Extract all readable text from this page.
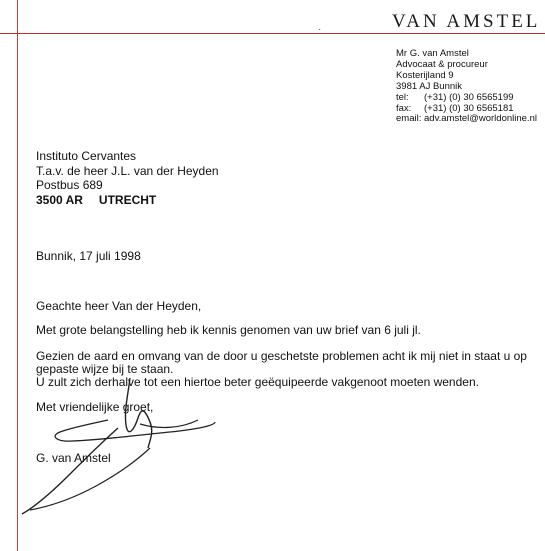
VAN AMSTEL
·
Mr G. van Amstel
Advocaat & procureur
Kosterijland 9
3981 AJ Bunnik
tel:	(+31) (0) 30 6565199
fax:	(+31) (0) 30 6565181
email: adv.amstel@worldonline.nl
Instituto Cervantes
T.a.v. de heer J.L. van der Heyden
Postbus 689
3500 AR UTRECHT
Bunnik, 17 juli 1998
Geachte heer Van der Heyden,
Met grote belangstelling heb ik kennis genomen van uw brief van 6 juli jl.
Gezien de aard en omvang van de door u geschetste problemen acht ik mij niet in staat u op
gepaste wijze bij te staan.
U zult zich derhalve tot een hiertoe beter geëquipeerde vakgenoot moeten wenden.
Met vriendelijke groet,
G. van Amstel
